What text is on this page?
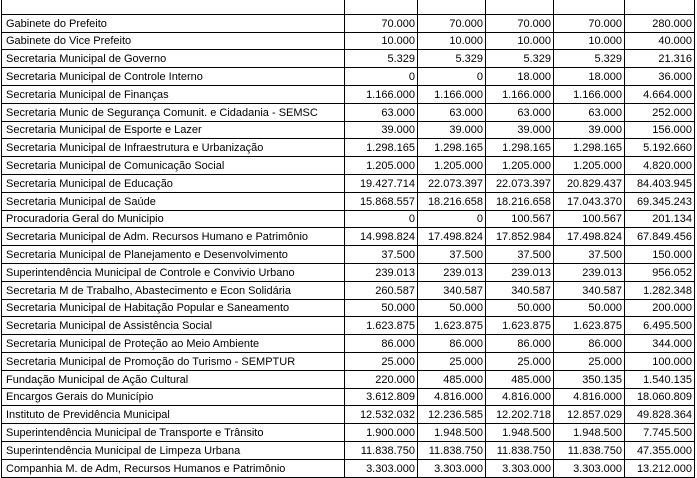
Gabinete do Prefeito	70.000	70.000	70.000	70.000	280.000
Gabinete do Vice Prefeito	10.000	10.000	10.000	10.000	40.000
Secretaria Municipal de Governo	5.329	5.329	5.329	5.329	21.316
Secretaria Municipal de Controle Interno	0	0	18.000	18.000	36.000
Secretaria Municipal de Finanças	1.166.000	1.166.000	1.166.000	1.166.000	4.664.000
Secretaria Munic de Segurança Comunit. e Cidadania - SEMSC	63.000	63.000	63.000	63.000	252.000
Secretaria Municipal de Esporte e Lazer	39.000	39.000	39.000	39.000	156.000
Secretaria Municipal de Infraestrutura e Urbanização	1.298.165	1.298.165	1.298.165	1.298.165	5.192.660
Secretaria Municipal de Comunicação Social	1.205.000	1.205.000	1.205.000	1.205.000	4.820.000
Secretaria Municipal de Educação	19.427.714	22.073.397	22.073.397	20.829.437	84.403.945
Secretaria Municipal de Saúde	15.868.557	18.216.658	18.216.658	17.043.370	69.345.243
Procuradoria Geral do Municipio	0	0	100.567	100.567	201.134
Secretaria Municipal de Adm. Recursos Humano e Patrimônio	14.998.824	17.498.824	17.852.984	17.498.824	67.849.456
Secretaria Municipal de Planejamento e Desenvolvimento	37.500	37.500	37.500	37.500	150.000
Superintendência Municipal de Controle e Convivio Urbano	239.013	239.013	239.013	239.013	956.052
Secretaria M de Trabalho, Abastecimento e Econ Solidária	260.587	340.587	340.587	340.587	1.282.348
Secretaria Municipal de Habitação Popular e Saneamento	50.000	50.000	50.000	50.000	200.000
Secretaria Municipal de Assistência Social	1.623.875	1.623.875	1.623.875	1.623.875	6.495.500
Secretaria Municipal de Proteção ao Meio Ambiente	86.000	86.000	86.000	86.000	344.000
Secretaria Municipal de Promoção do Turismo - SEMPTUR	25.000	25.000	25.000	25.000	100.000
Fundação Municipal de Ação Cultural	220.000	485.000	485.000	350.135	1.540.135
Encargos Gerais do Município	3.612.809	4.816.000	4.816.000	4.816.000	18.060.809
Instituto de Previdência Municipal	12.532.032	12.236.585	12.202.718	12.857.029	49.828.364
Superintendência Municipal de Transporte e Trânsito	1.900.000	1.948.500	1.948.500	1.948.500	7.745.500
Superintendência Municipal de Limpeza Urbana	11.838.750	11.838.750	11.838.750	11.838.750	47.355.000
Companhia M. de Adm, Recursos Humanos e Patrimônio	3.303.000	3.303.000	3.303.000	3.303.000	13.212.000
